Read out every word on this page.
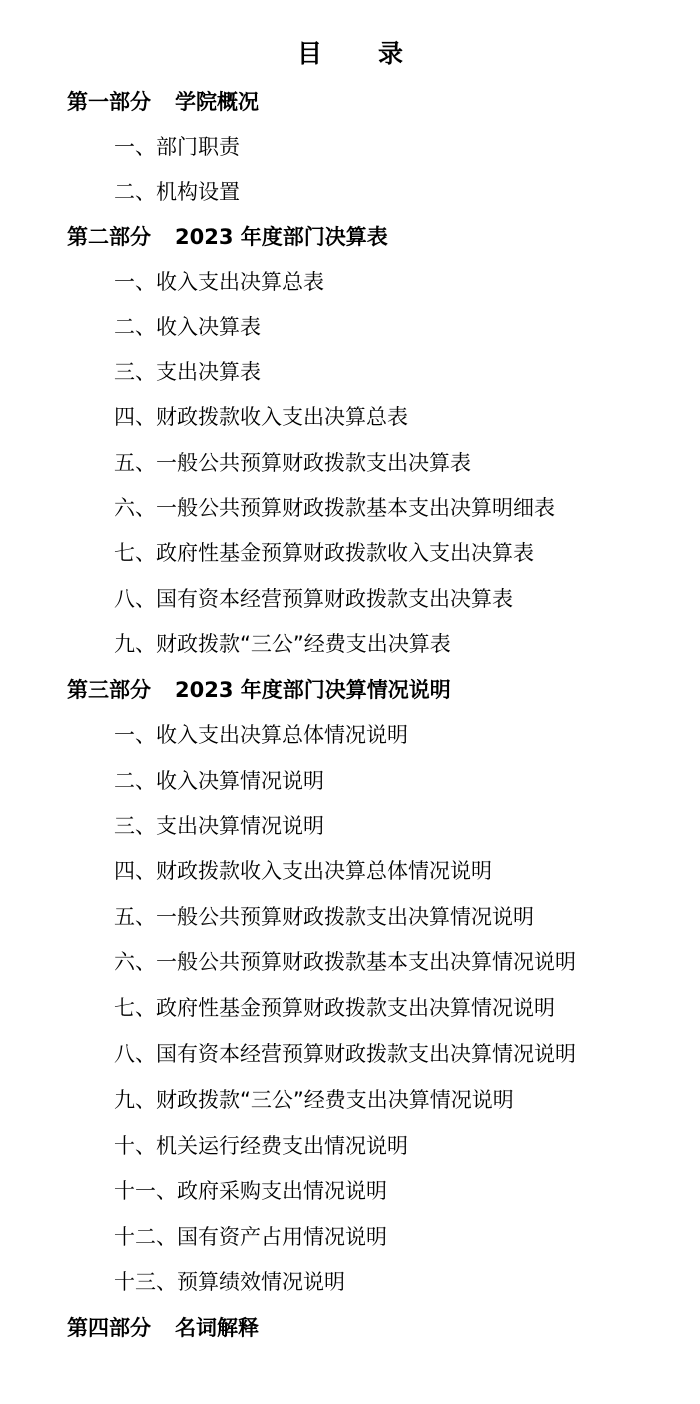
目 录
第一部分 学院概况
一、部门职责
二、机构设置
第二部分 2023 年度部门决算表
一、收入支出决算总表
二、收入决算表
三、支出决算表
四、财政拨款收入支出决算总表
五、一般公共预算财政拨款支出决算表
六、一般公共预算财政拨款基本支出决算明细表
七、政府性基金预算财政拨款收入支出决算表
八、国有资本经营预算财政拨款支出决算表
九、财政拨款“三公”经费支出决算表
第三部分 2023 年度部门决算情况说明
一、收入支出决算总体情况说明
二、收入决算情况说明
三、支出决算情况说明
四、财政拨款收入支出决算总体情况说明
五、一般公共预算财政拨款支出决算情况说明
六、一般公共预算财政拨款基本支出决算情况说明
七、政府性基金预算财政拨款支出决算情况说明
八、国有资本经营预算财政拨款支出决算情况说明
九、财政拨款“三公”经费支出决算情况说明
十、机关运行经费支出情况说明
十一、政府采购支出情况说明
十二、国有资产占用情况说明
十三、预算绩效情况说明
第四部分 名词解释
